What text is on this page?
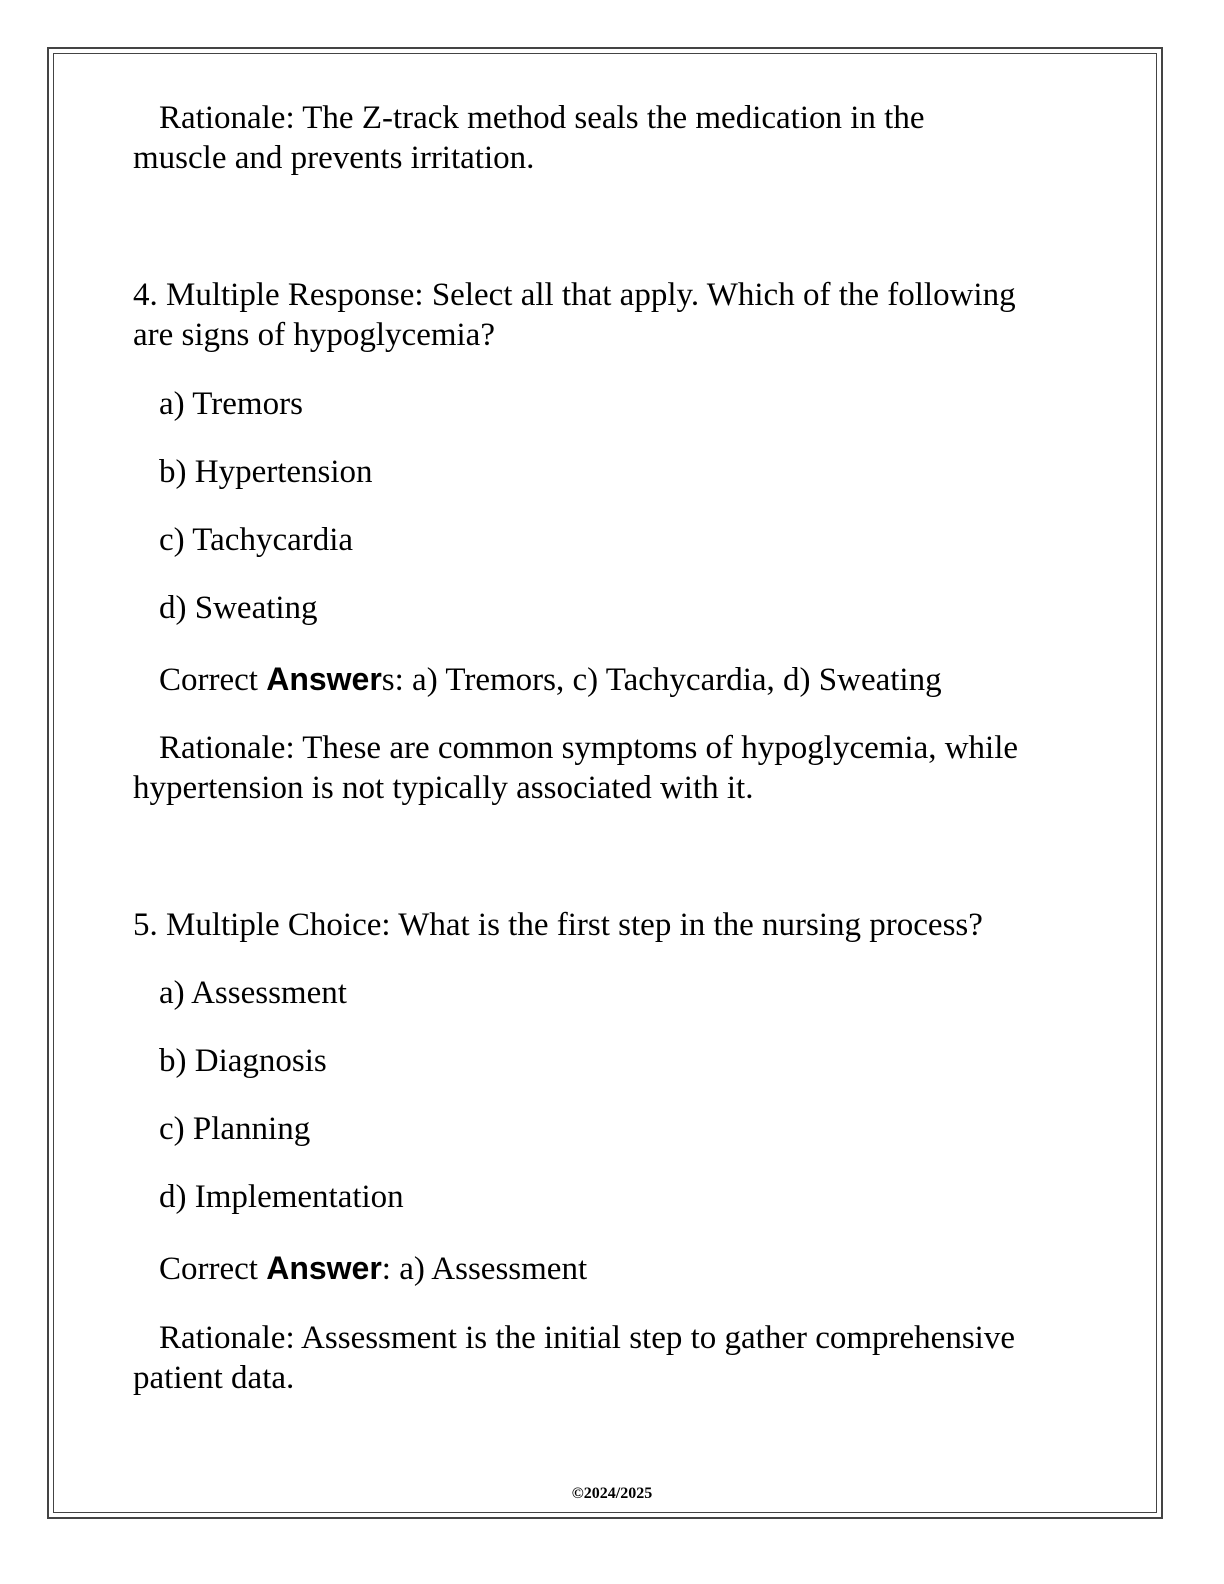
Rationale: The Z-track method seals the medication in the
muscle and prevents irritation.
4. Multiple Response: Select all that apply. Which of the following
are signs of hypoglycemia?
a) Tremors
b) Hypertension
c) Tachycardia
d) Sweating
Correct Answers: a) Tremors, c) Tachycardia, d) Sweating
Rationale: These are common symptoms of hypoglycemia, while
hypertension is not typically associated with it.
5. Multiple Choice: What is the first step in the nursing process?
a) Assessment
b) Diagnosis
c) Planning
d) Implementation
Correct Answer: a) Assessment
Rationale: Assessment is the initial step to gather comprehensive
patient data.
©2024/2025
